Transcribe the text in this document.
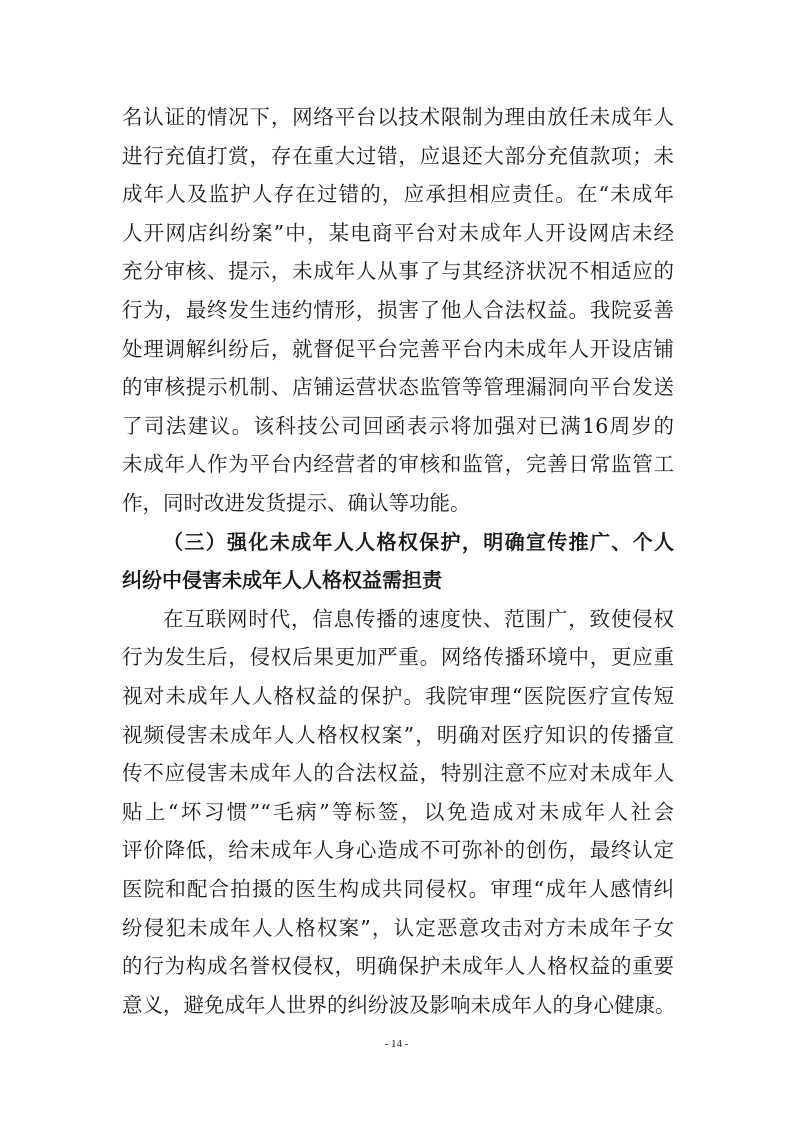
名认证的情况下，网络平台以技术限制为理由放任未成年人
进行充值打赏，存在重大过错，应退还大部分充值款项；未
成年人及监护人存在过错的，应承担相应责任。在“未成年
人开网店纠纷案”中，某电商平台对未成年人开设网店未经
充分审核、提示，未成年人从事了与其经济状况不相适应的
行为，最终发生违约情形，损害了他人合法权益。我院妥善
处理调解纠纷后，就督促平台完善平台内未成年人开设店铺
的审核提示机制、店铺运营状态监管等管理漏洞向平台发送
了司法建议。该科技公司回函表示将加强对已满16周岁的
未成年人作为平台内经营者的审核和监管，完善日常监管工
作，同时改进发货提示、确认等功能。
（三）强化未成年人人格权保护，明确宣传推广、个人
纠纷中侵害未成年人人格权益需担责
在互联网时代，信息传播的速度快、范围广，致使侵权
行为发生后，侵权后果更加严重。网络传播环境中，更应重
视对未成年人人格权益的保护。我院审理“医院医疗宣传短
视频侵害未成年人人格权权案”，明确对医疗知识的传播宣
传不应侵害未成年人的合法权益，特别注意不应对未成年人
贴上“坏习惯”“毛病”等标签，以免造成对未成年人社会
评价降低，给未成年人身心造成不可弥补的创伤，最终认定
医院和配合拍摄的医生构成共同侵权。审理“成年人感情纠
纷侵犯未成年人人格权案”，认定恶意攻击对方未成年子女
的行为构成名誉权侵权，明确保护未成年人人格权益的重要
意义，避免成年人世界的纠纷波及影响未成年人的身心健康。
- 14 -
